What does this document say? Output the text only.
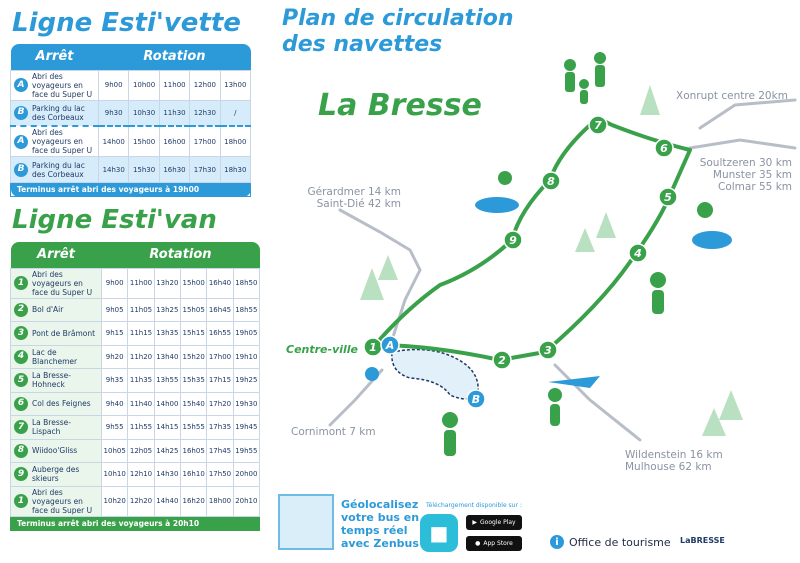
Ligne Esti'vette
Arrêt	Rotation				

A
Abri des voyageurs en face du Super U	9h00	10h00	11h00	12h00	13h00

B Parking du lac des Corbeaux	9h30	10h30	11h30	12h30	/

A
Abri des voyageurs en face du Super U	14h00	15h00	16h00	17h00	18h00

B Parking du lac des Corbeaux	14h30	15h30	16h30	17h30	18h30
Terminus arrêt abri des voyageurs à 19h00					
Ligne Esti'van
Arrêt	Rotation					

1
Abri des voyageurs en face du Super U	9h00	11h00	13h20	15h00	16h40	18h50

2 Bol d'Air	9h05	11h05	13h25	15h05	16h45	18h55

3 Pont de Brâmont	9h15	11h15	13h35	15h15	16h55	19h05

4 Lac de Blanchemer	9h20	11h20	13h40	15h20	17h00	19h10

5 La Bresse-Hohneck	9h35	11h35	13h55	15h35	17h15	19h25

6 Col des Feignes	9h40	11h40	14h00	15h40	17h20	19h30

7 La Bresse-Lispach	9h55	11h55	14h15	15h55	17h35	19h45

8 Wiidoo'Gliss	10h05	12h05	14h25	16h05	17h45	19h55

9 Auberge des skieurs	10h10	12h10	14h30	16h10	17h50	20h00

1
Abri des voyageurs en face du Super U	10h20	12h20	14h40	16h20	18h00	20h10
Terminus arrêt abri des voyageurs à 20h10						
1
2
3
4
5
6
7
8
9
A
B
Plan de circulation
des navettes
La Bresse	Xonrupt centre 20km
Soultzeren 30 km
Munster 35 km
Colmar 55 km
Gérardmer 14 km
Saint-Dié 42 km
Cornimont 7 km
Wildenstein 16 km
Mulhouse 62 km
Centre-ville
Géolocalisez
votre bus en
temps réel
avec Zenbus
Téléchargement disponible sur :
■	▶ Google Play
● App Store	i Office de tourisme LaBRESSE
